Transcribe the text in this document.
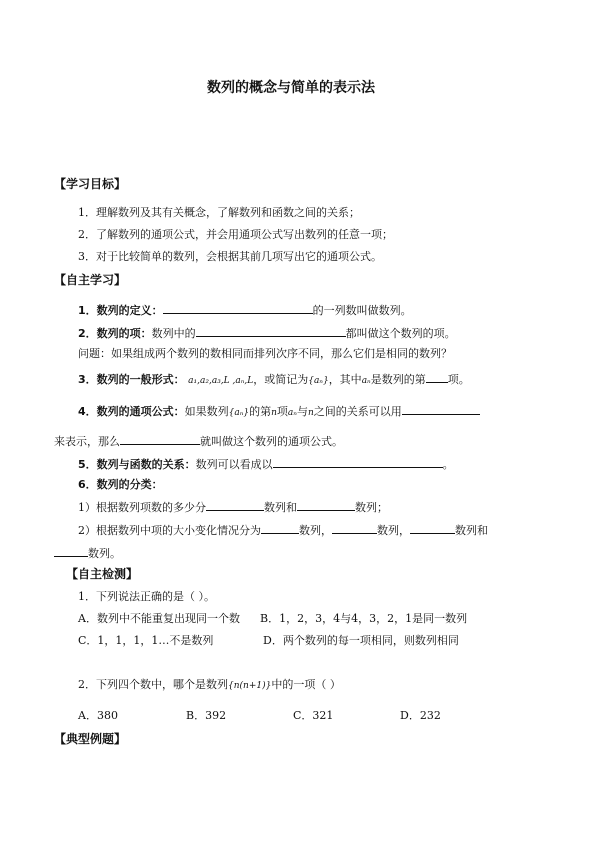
数列的概念与简单的表示法
【学习目标】
1．理解数列及其有关概念，了解数列和函数之间的关系；
2．了解数列的通项公式，并会用通项公式写出数列的任意一项；
3．对于比较简单的数列，会根据其前几项写出它的通项公式。
【自主学习】
1．数列的定义：	的一列数叫做数列。
2．数列的项：数列中的	都叫做这个数列的项。
问题：如果组成两个数列的数相同而排列次序不同，那么它们是相同的数列？
3．数列的一般形式： a₁,a₂,a₃,L ,aₙ,L，或简记为{aₙ}，其中aₙ是数列的第 项。
4．数列的通项公式：如果数列{aₙ}的第n项aₙ与n之间的关系可以用
来表示，那么	就叫做这个数列的通项公式。
5．数列与函数的关系：数列可以看成以	。
6．数列的分类：
1）根据数列项数的多少分	数列和	数列；
2）根据数列中项的大小变化情况分为	数列，	数列，	数列和
数列。
【自主检测】
1．下列说法正确的是（ ）。
A．数列中不能重复出现同一个数 B．1，2，3，4与4，3，2，1是同一数列
C．1，1，1，1…不是数列	D．两个数列的每一项相同，则数列相同
2．下列四个数中，哪个是数列{n(n+1)}中的一项（ ）
A．380	B．392	C．321	D．232
【典型例题】
